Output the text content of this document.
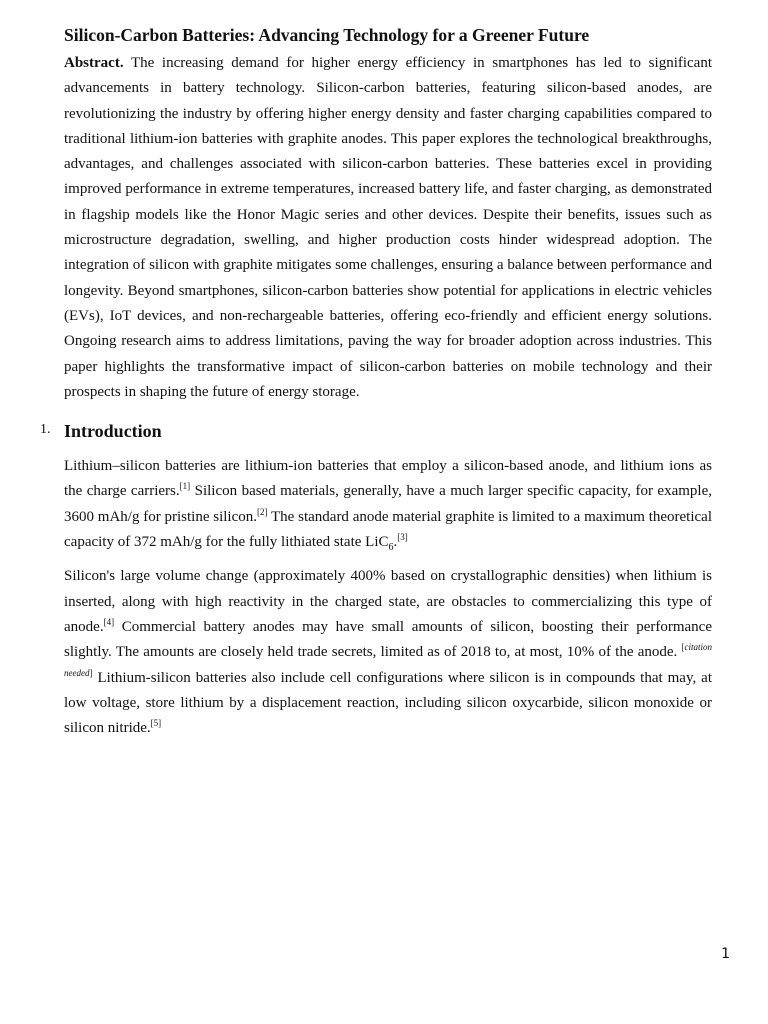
Silicon-Carbon Batteries: Advancing Technology for a Greener Future

Abstract. The increasing demand for higher energy efficiency in smartphones has led to significant advancements in battery technology. Silicon-carbon batteries, featuring silicon-based anodes, are revolutionizing the industry by offering higher energy density and faster charging capabilities compared to traditional lithium-ion batteries with graphite anodes. This paper explores the technological breakthroughs, advantages, and challenges associated with silicon-carbon batteries. These batteries excel in providing improved performance in extreme temperatures, increased battery life, and faster charging, as demonstrated in flagship models like the Honor Magic series and other devices. Despite their benefits, issues such as microstructure degradation, swelling, and higher production costs hinder widespread adoption. The integration of silicon with graphite mitigates some challenges, ensuring a balance between performance and longevity. Beyond smartphones, silicon-carbon batteries show potential for applications in electric vehicles (EVs), IoT devices, and non-rechargeable batteries, offering eco-friendly and efficient energy solutions. Ongoing research aims to address limitations, paving the way for broader adoption across industries. This paper highlights the transformative impact of silicon-carbon batteries on mobile technology and their prospects in shaping the future of energy storage.

1. Introduction

Lithium–silicon batteries are lithium-ion batteries that employ a silicon-based anode, and lithium ions as the charge carriers.[1] Silicon based materials, generally, have a much larger specific capacity, for example, 3600 mAh/g for pristine silicon.[2] The standard anode material graphite is limited to a maximum theoretical capacity of 372 mAh/g for the fully lithiated state LiC$_6$.[3]

Silicon's large volume change (approximately 400% based on crystallographic densities) when lithium is inserted, along with high reactivity in the charged state, are obstacles to commercializing this type of anode.[4] Commercial battery anodes may have small amounts of silicon, boosting their performance slightly. The amounts are closely held trade secrets, limited as of 2018 to, at most, 10% of the anode. [citation needed] Lithium-silicon batteries also include cell configurations where silicon is in compounds that may, at low voltage, store lithium by a displacement reaction, including silicon oxycarbide, silicon monoxide or silicon nitride.[5]

1
